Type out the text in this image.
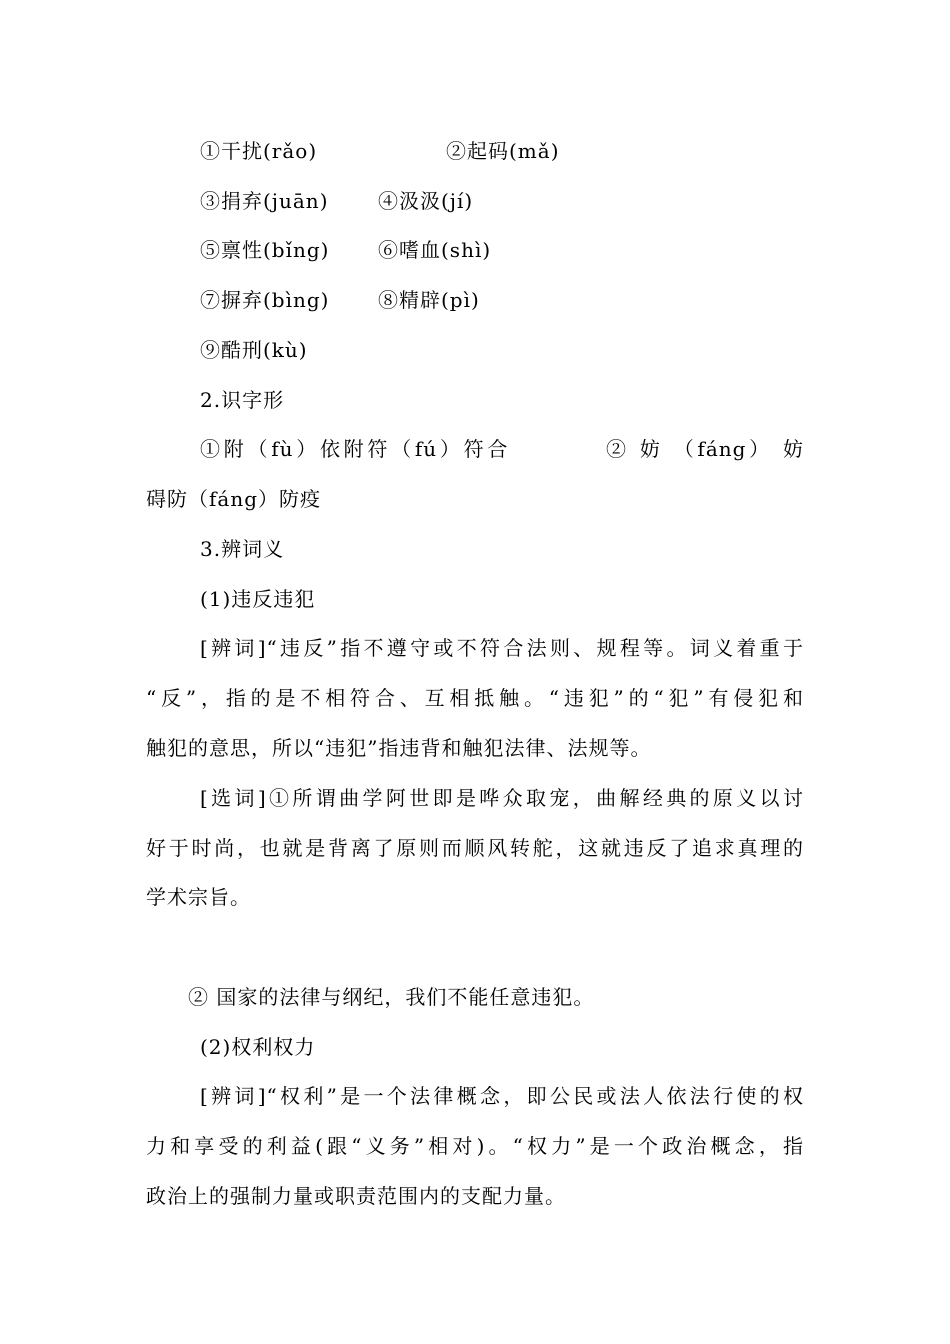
①干扰(rǎo)	②起码(mǎ)
③捐弃(juān) ④汲汲(jí)
⑤禀性(bǐng) ⑥嗜血(shì)
⑦摒弃(bìng) ⑧精辟(pì)
⑨酷刑(kù)
2.识字形
①附（fù）依附符（fú）符合　　　　② 妨 （fáng） 妨
碍防（fáng）防疫
3.辨词义
(1)违反违犯
[辨词]“违反”指不遵守或不符合法则、规程等。词义着重于
“反”，指的是不相符合、互相抵触。“违犯”的“犯”有侵犯和
触犯的意思，所以“违犯”指违背和触犯法律、法规等。
[选词]①所谓曲学阿世即是哗众取宠，曲解经典的原义以讨
好于时尚，也就是背离了原则而顺风转舵，这就违反了追求真理的
学术宗旨。
② 国家的法律与纲纪，我们不能任意违犯。
(2)权利权力
[辨词]“权利”是一个法律概念，即公民或法人依法行使的权
力和享受的利益(跟“义务”相对)。“权力”是一个政治概念，指
政治上的强制力量或职责范围内的支配力量。
